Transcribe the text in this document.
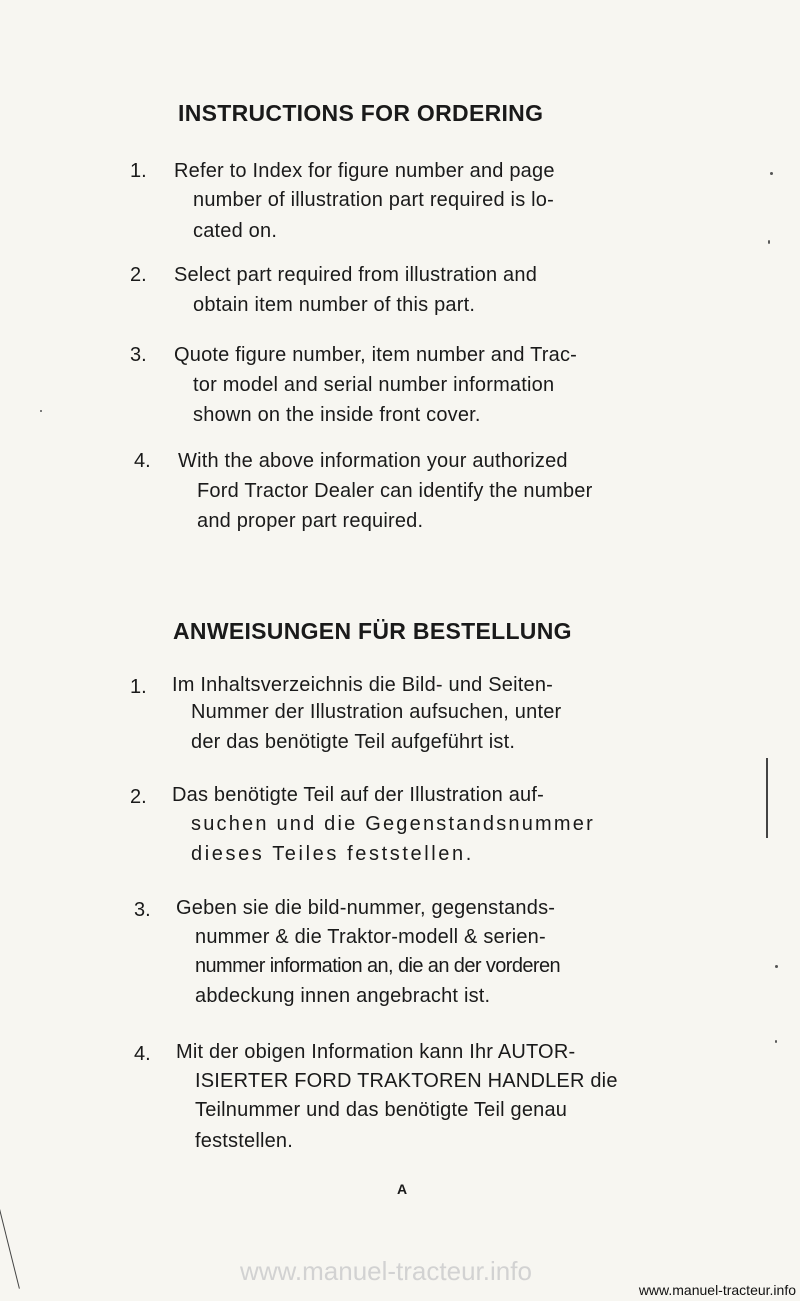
INSTRUCTIONS FOR ORDERING
1. Refer to Index for figure number and page
number of illustration part required is lo-
cated on.
2. Select part required from illustration and
obtain item number of this part.
3. Quote figure number, item number and Trac-
tor model and serial number information
shown on the inside front cover.
4. With the above information your authorized
Ford Tractor Dealer can identify the number
and proper part required.
ANWEISUNGEN FÜR BESTELLUNG
1. Im Inhaltsverzeichnis die Bild- und Seiten-
Nummer der Illustration aufsuchen, unter
der das benötigte Teil aufgeführt ist.
2. Das benötigte Teil auf der Illustration auf-
suchen und die Gegenstandsnummer
dieses Teiles feststellen.
3. Geben sie die bild-nummer, gegenstands-
nummer & die Traktor-modell & serien-
nummer information an, die an der vorderen
abdeckung innen angebracht ist.
4. Mit der obigen Information kann Ihr AUTOR-
ISIERTER FORD TRAKTOREN HANDLER die
Teilnummer und das benötigte Teil genau
feststellen.
A
www.manuel-tracteur.info
www.manuel-tracteur.info
